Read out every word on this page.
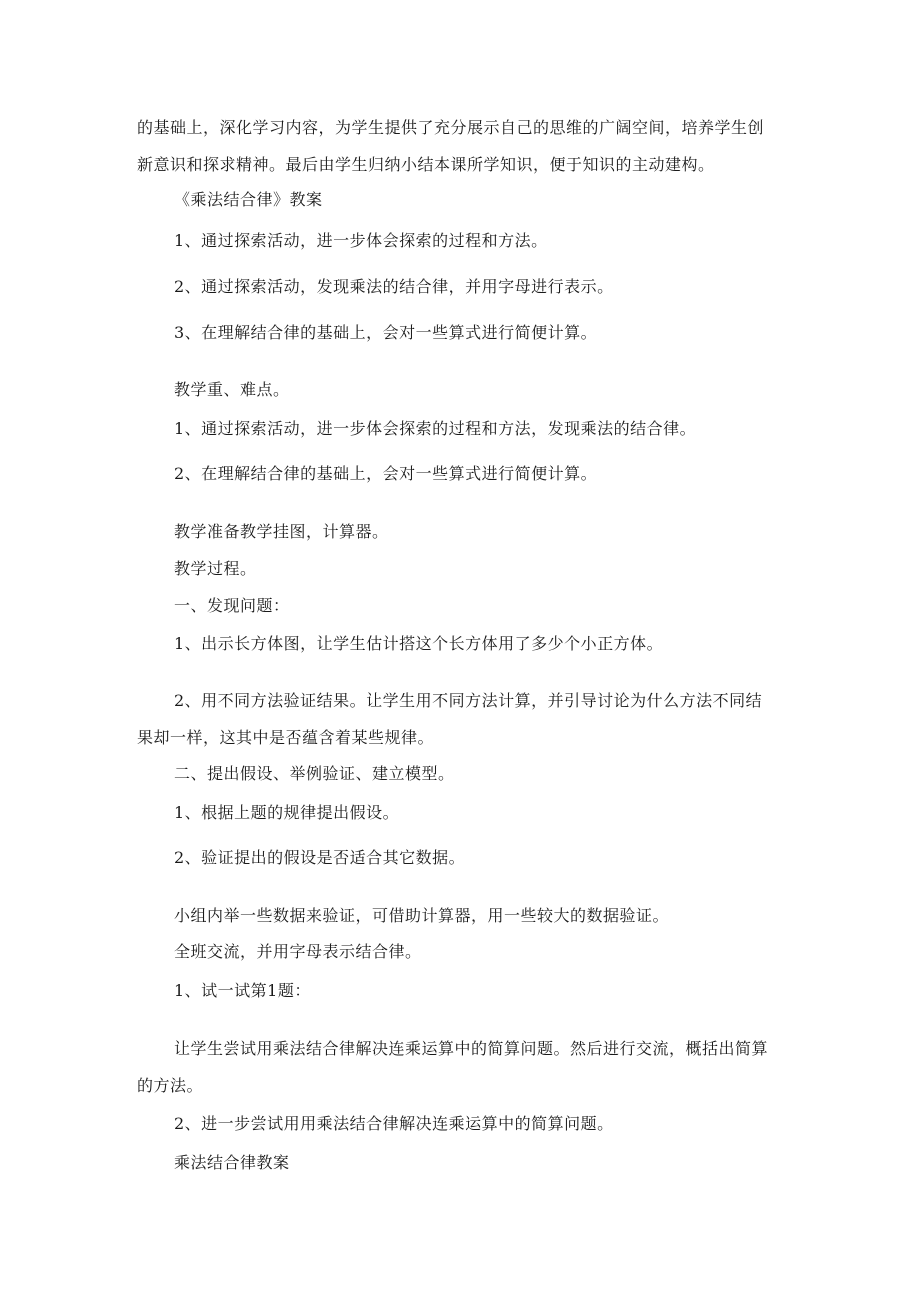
的基础上，深化学习内容，为学生提供了充分展示自己的思维的广阔空间，培养学生创

新意识和探求精神。最后由学生归纳小结本课所学知识，便于知识的主动建构。

《乘法结合律》教案

1、通过探索活动，进一步体会探索的过程和方法。

2、通过探索活动，发现乘法的结合律，并用字母进行表示。

3、在理解结合律的基础上，会对一些算式进行简便计算。

教学重、难点。

1、通过探索活动，进一步体会探索的过程和方法，发现乘法的结合律。

2、在理解结合律的基础上，会对一些算式进行简便计算。

教学准备教学挂图，计算器。

教学过程。

一、发现问题：

1、出示长方体图，让学生估计搭这个长方体用了多少个小正方体。

2、用不同方法验证结果。让学生用不同方法计算，并引导讨论为什么方法不同结

果却一样，这其中是否蕴含着某些规律。

二、提出假设、举例验证、建立模型。

1、根据上题的规律提出假设。

2、验证提出的假设是否适合其它数据。

小组内举一些数据来验证，可借助计算器，用一些较大的数据验证。

全班交流，并用字母表示结合律。

1、试一试第1题：

让学生尝试用乘法结合律解决连乘运算中的简算问题。然后进行交流，概括出简算

的方法。

2、进一步尝试用用乘法结合律解决连乘运算中的简算问题。

乘法结合律教案
